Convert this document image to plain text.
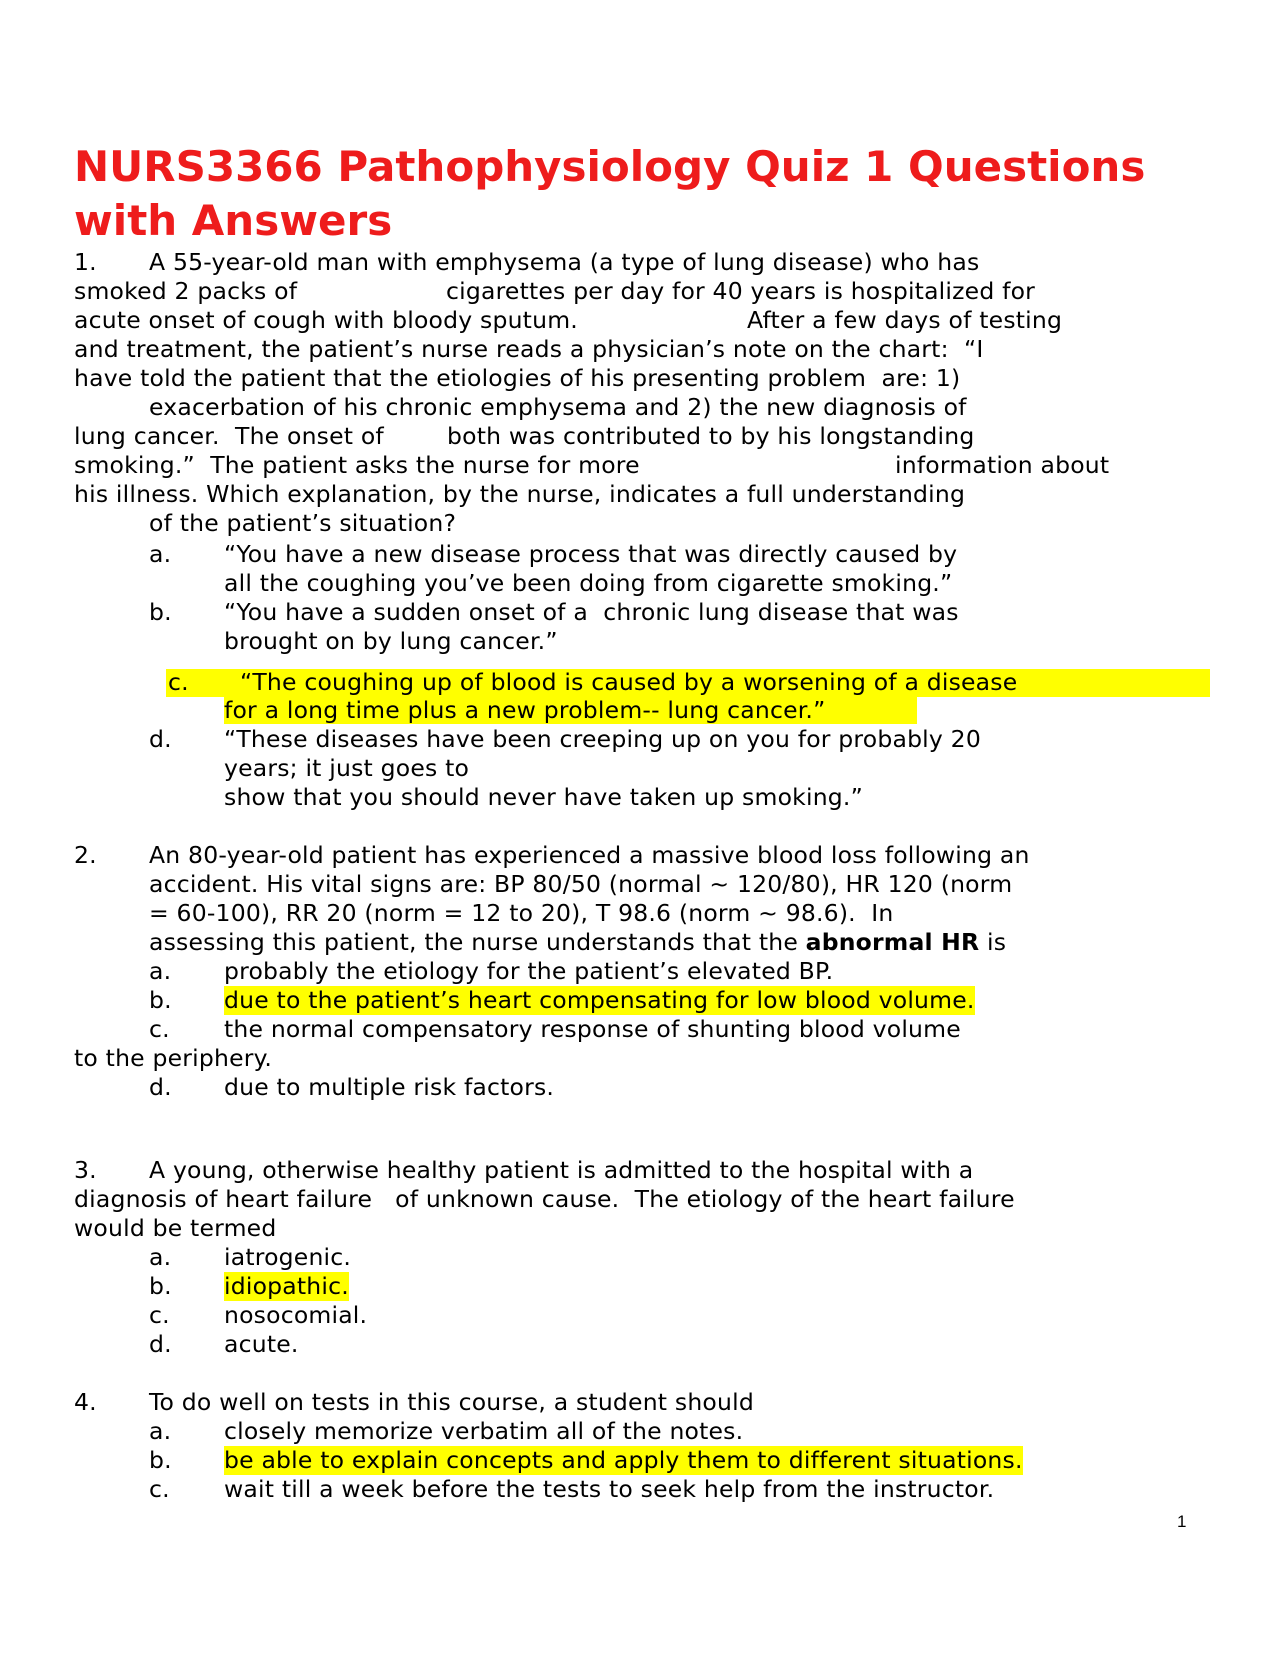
NURS3366 Pathophysiology Quiz 1 Questions with Answers
1. A 55-year-old man with emphysema (a type of lung disease) who has
smoked 2 packs of	cigarettes per day for 40 years is hospitalized for
acute onset of cough with bloody sputum.	After a few days of testing
and treatment, the patient’s nurse reads a physician’s note on the chart:  “I
have told the patient that the etiologies of his presenting problem  are: 1)
exacerbation of his chronic emphysema and 2) the new diagnosis of
lung cancer.  The onset of	both was contributed to by his longstanding
smoking.”  The patient asks the nurse for more	information about
his illness. Which explanation, by the nurse, indicates a full understanding
of the patient’s situation?
a. “You have a new disease process that was directly caused by
all the coughing you’ve been doing from cigarette smoking.”
b. “You have a sudden onset of a  chronic lung disease that was
brought on by lung cancer.”
c. “The coughing up of blood is caused by a worsening of a disease
for a long time plus a new problem-- lung cancer.”
d. “These diseases have been creeping up on you for probably 20
years; it just goes to
show that you should never have taken up smoking.”
2. An 80-year-old patient has experienced a massive blood loss following an
accident. His vital signs are: BP 80/50 (normal ~ 120/80), HR 120 (norm
= 60-100), RR 20 (norm = 12 to 20), T 98.6 (norm ~ 98.6).  In
assessing this patient, the nurse understands that the abnormal HR is
a. probably the etiology for the patient’s elevated BP.
b. due to the patient’s heart compensating for low blood volume.
c. the normal compensatory response of shunting blood volume
to the periphery.
d. due to multiple risk factors.
3. A young, otherwise healthy patient is admitted to the hospital with a
diagnosis of heart failure   of unknown cause.  The etiology of the heart failure
would be termed
a. iatrogenic.
b. idiopathic.
c. nosocomial.
d. acute.
4. To do well on tests in this course, a student should
a. closely memorize verbatim all of the notes.
b. be able to explain concepts and apply them to different situations.
c. wait till a week before the tests to seek help from the instructor.
1
